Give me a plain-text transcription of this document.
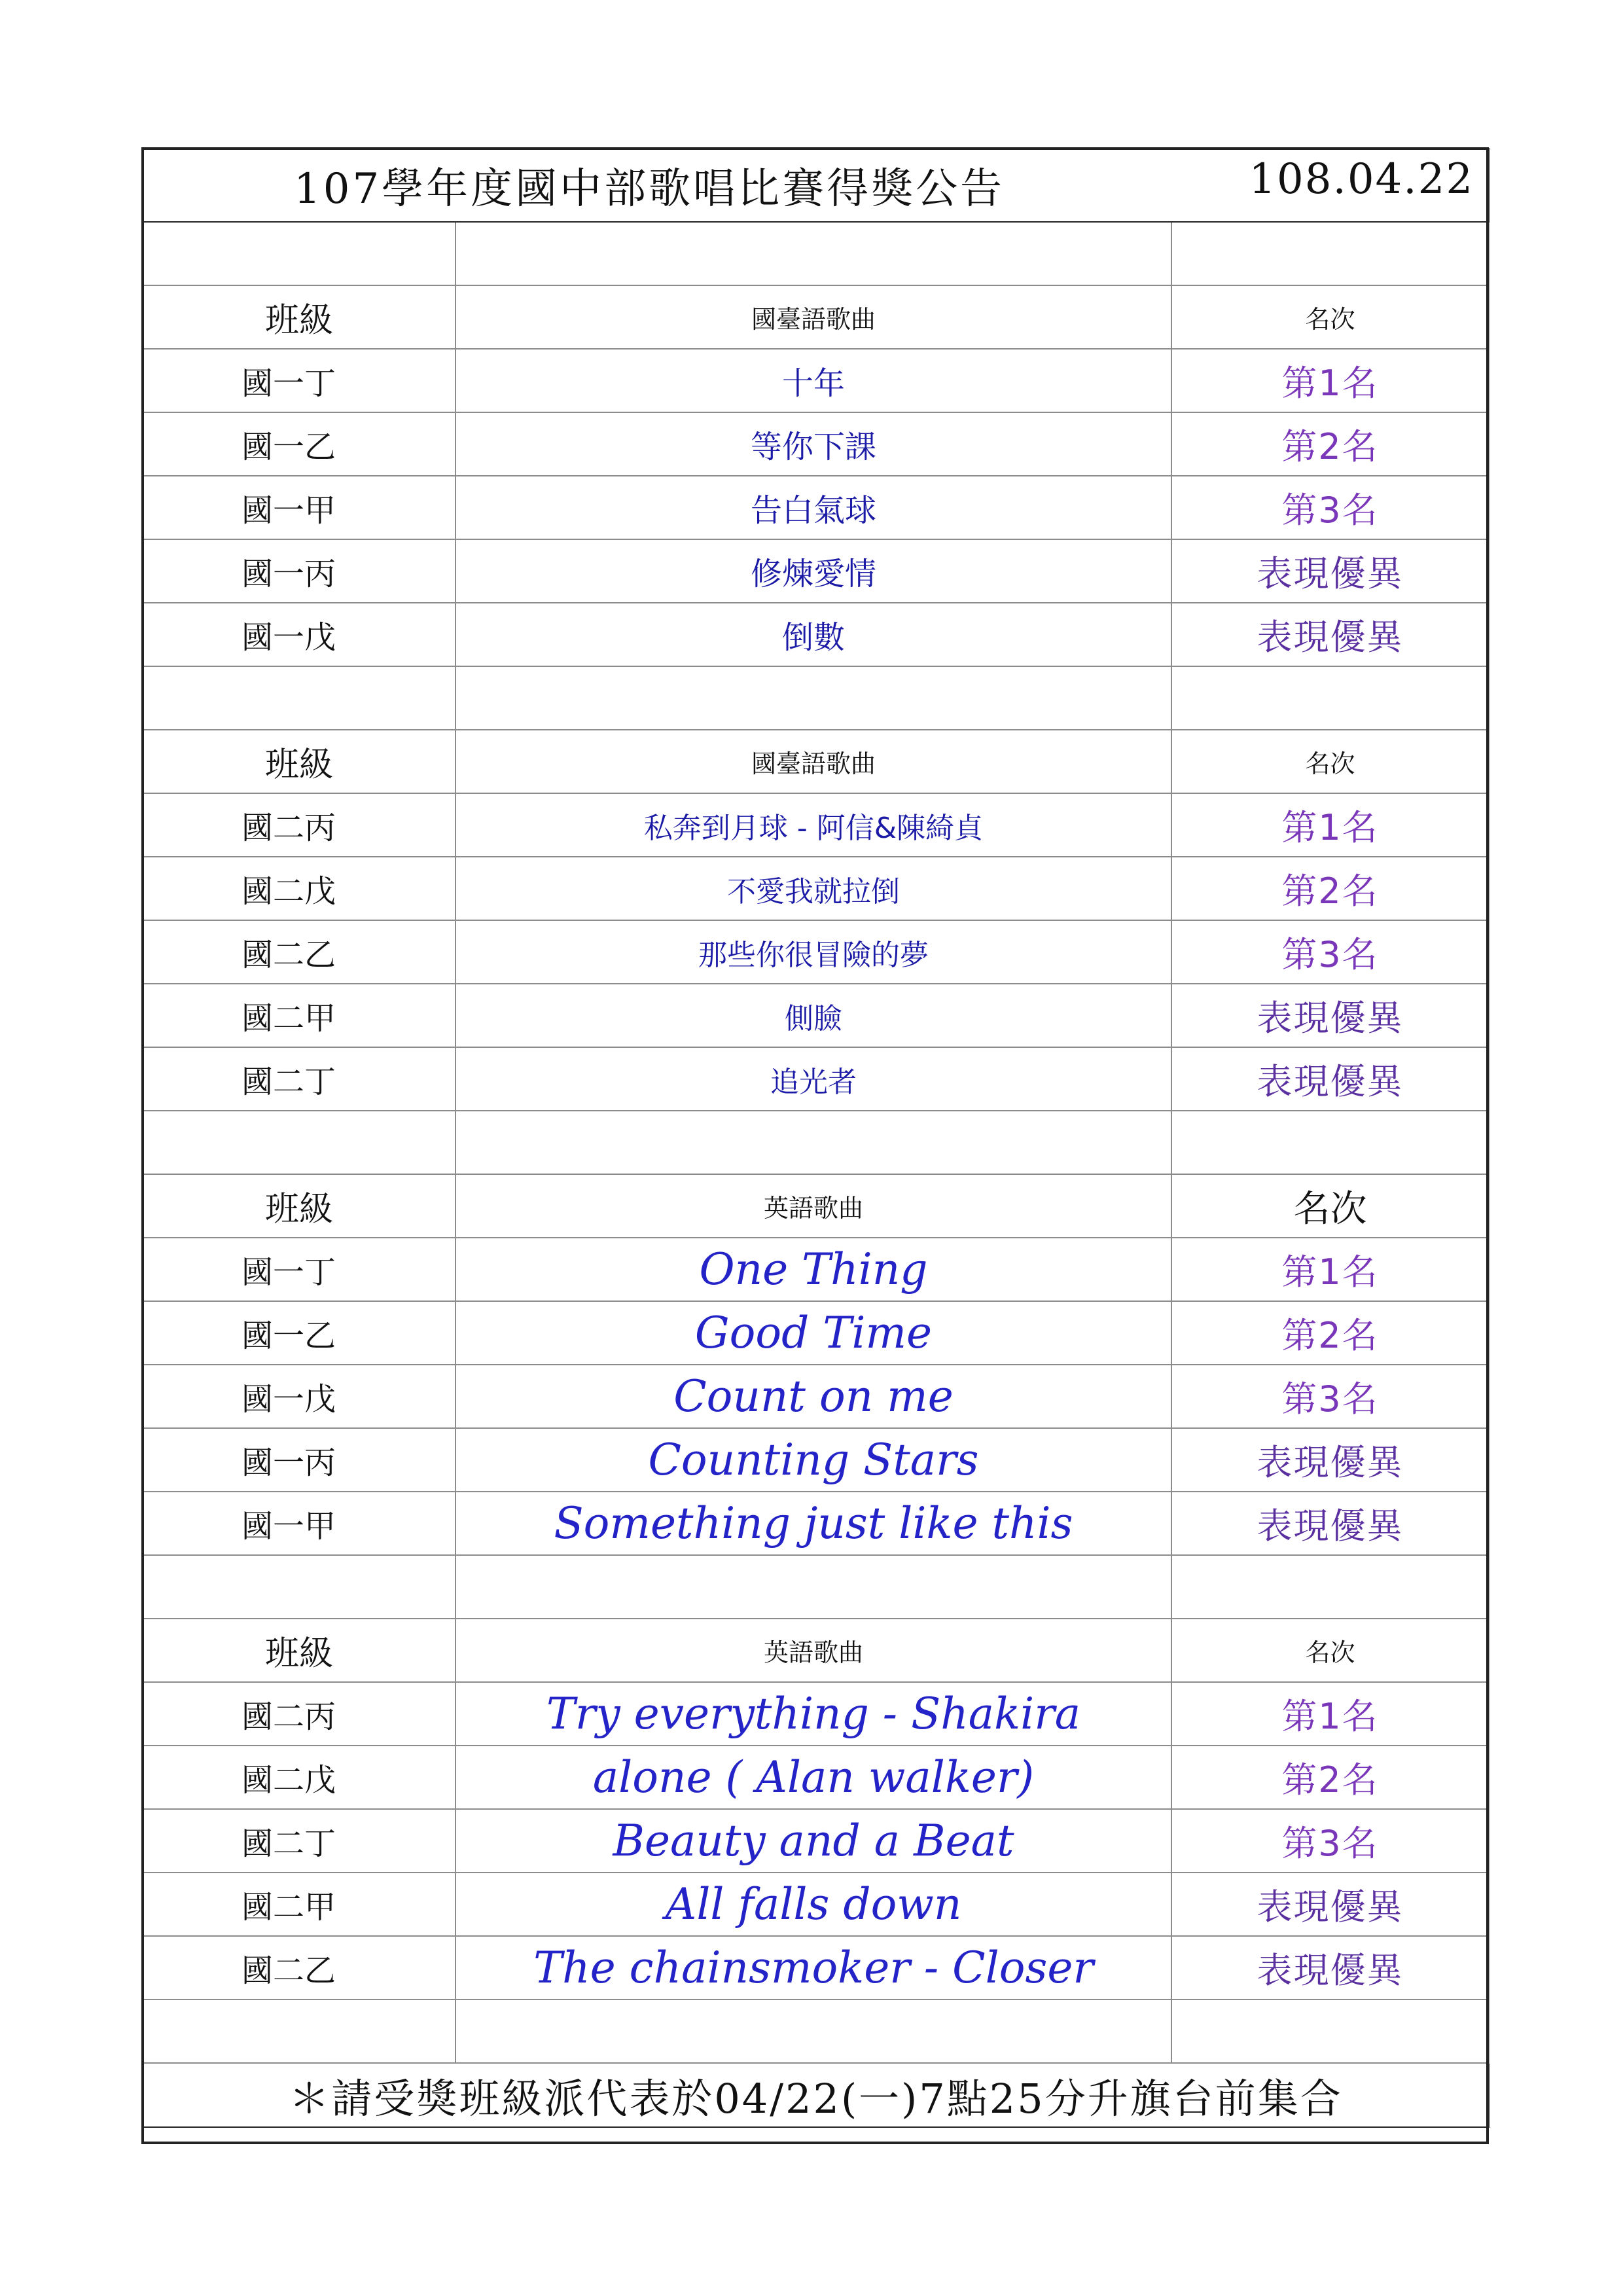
107學年度國中部歌唱比賽得獎公告 108.04.22		

班級	國臺語歌曲	名次
國一丁	十年	第1名
國一乙	等你下課	第2名
國一甲	告白氣球	第3名
國一丙	修煉愛情	表現優異
國一戊	倒數	表現優異

班級	國臺語歌曲	名次
國二丙	私奔到月球 - 阿信&陳綺貞	第1名
國二戊	不愛我就拉倒	第2名
國二乙	那些你很冒險的夢	第3名
國二甲	側臉	表現優異
國二丁	追光者	表現優異

班級	英語歌曲	名次
國一丁	One Thing	第1名
國一乙	Good Time	第2名
國一戊	Count on me	第3名
國一丙	Counting Stars	表現優異
國一甲	Something just like this	表現優異

班級	英語歌曲	名次
國二丙	Try everything - Shakira	第1名
國二戊	alone ( Alan walker)	第2名
國二丁	Beauty and a Beat	第3名
國二甲	All falls down	表現優異
國二乙	The chainsmoker - Closer	表現優異

＊請受獎班級派代表於04/22(一)7點25分升旗台前集合		
